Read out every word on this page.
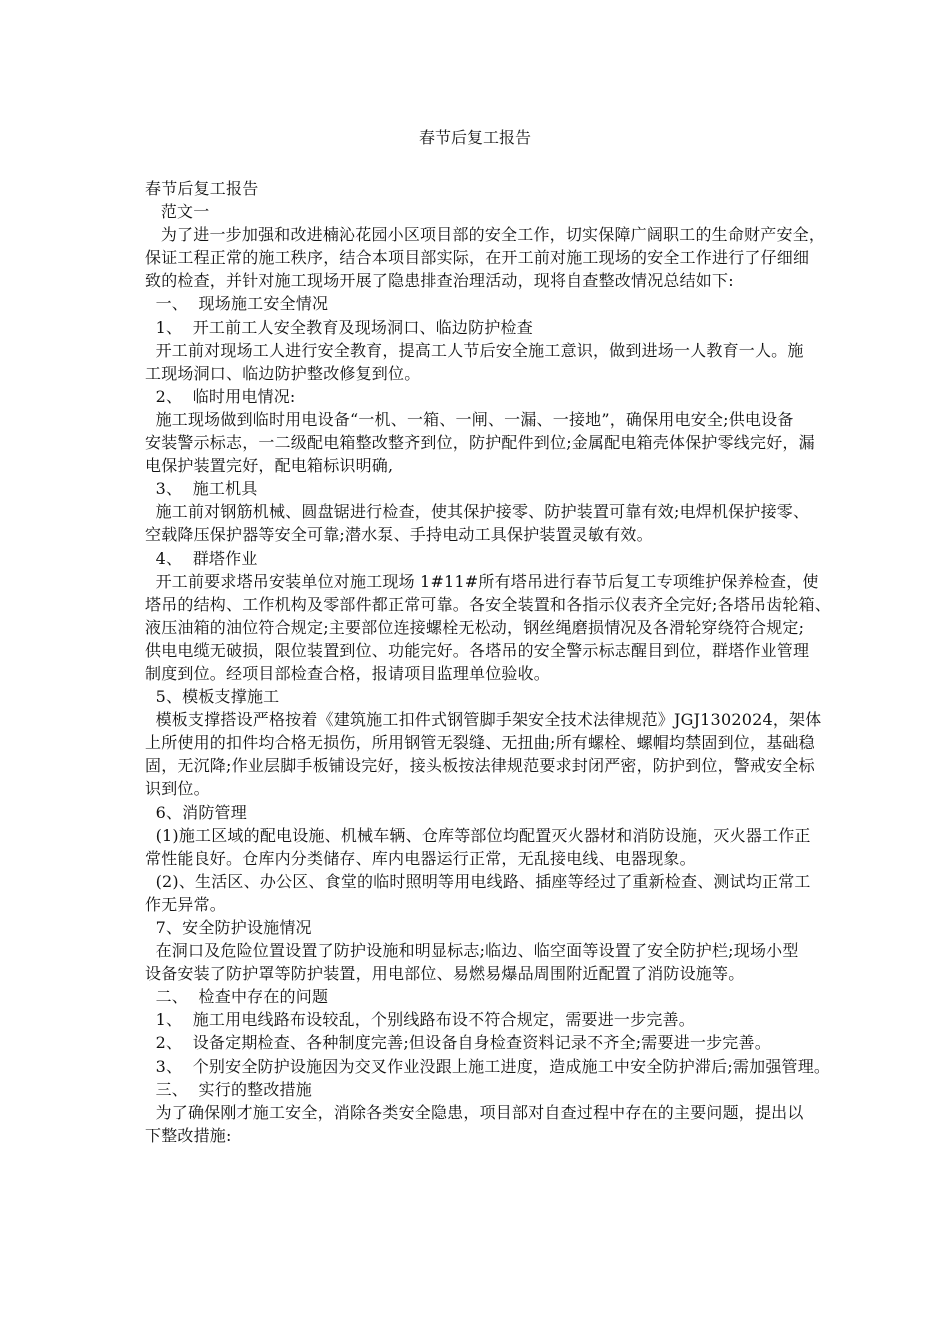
春节后复工报告
春节后复工报告
范文一
为了进一步加强和改进楠沁花园小区项目部的安全工作，切实保障广阔职工的生命财产安全，
保证工程正常的施工秩序，结合本项目部实际，在开工前对施工现场的安全工作进行了仔细细
致的检查，并针对施工现场开展了隐患排查治理活动，现将自查整改情况总结如下:
一、  现场施工安全情况
1、  开工前工人安全教育及现场洞口、临边防护检查
开工前对现场工人进行安全教育，提高工人节后安全施工意识，做到进场一人教育一人。施
工现场洞口、临边防护整改修复到位。
2、  临时用电情况:
施工现场做到临时用电设备“一机、一箱、一闸、一漏、一接地”，确保用电安全;供电设备
安装警示标志，一二级配电箱整改整齐到位，防护配件到位;金属配电箱壳体保护零线完好，漏
电保护装置完好，配电箱标识明确,
3、  施工机具
施工前对钢筋机械、圆盘锯进行检查，使其保护接零、防护装置可靠有效;电焊机保护接零、
空载降压保护器等安全可靠;潜水泵、手持电动工具保护装置灵敏有效。
4、  群塔作业
开工前要求塔吊安装单位对施工现场 1#11#所有塔吊进行春节后复工专项维护保养检查，使
塔吊的结构、工作机构及零部件都正常可靠。各安全装置和各指示仪表齐全完好;各塔吊齿轮箱、
液压油箱的油位符合规定;主要部位连接螺栓无松动，钢丝绳磨损情况及各滑轮穿绕符合规定;
供电电缆无破损，限位装置到位、功能完好。各塔吊的安全警示标志醒目到位，群塔作业管理
制度到位。经项目部检查合格，报请项目监理单位验收。
5、模板支撑施工
模板支撑搭设严格按着《建筑施工扣件式钢管脚手架安全技术法律规范》JGJ1302024，架体
上所使用的扣件均合格无损伤，所用钢管无裂缝、无扭曲;所有螺栓、螺帽均禁固到位，基础稳
固，无沉降;作业层脚手板铺设完好，接头板按法律规范要求封闭严密，防护到位，警戒安全标
识到位。
6、消防管理
(1)施工区域的配电设施、机械车辆、仓库等部位均配置灭火器材和消防设施，灭火器工作正
常性能良好。仓库内分类储存、库内电器运行正常，无乱接电线、电器现象。
(2)、生活区、办公区、食堂的临时照明等用电线路、插座等经过了重新检查、测试均正常工
作无异常。
7、安全防护设施情况
在洞口及危险位置设置了防护设施和明显标志;临边、临空面等设置了安全防护栏;现场小型
设备安装了防护罩等防护装置，用电部位、易燃易爆品周围附近配置了消防设施等。
二、  检查中存在的问题
1、  施工用电线路布设较乱，个别线路布设不符合规定，需要进一步完善。
2、  设备定期检查、各种制度完善;但设备自身检查资料记录不齐全;需要进一步完善。
3、  个别安全防护设施因为交叉作业没跟上施工进度，造成施工中安全防护滞后;需加强管理。
三、  实行的整改措施
为了确保刚才施工安全，消除各类安全隐患，项目部对自查过程中存在的主要问题，提出以
下整改措施:
